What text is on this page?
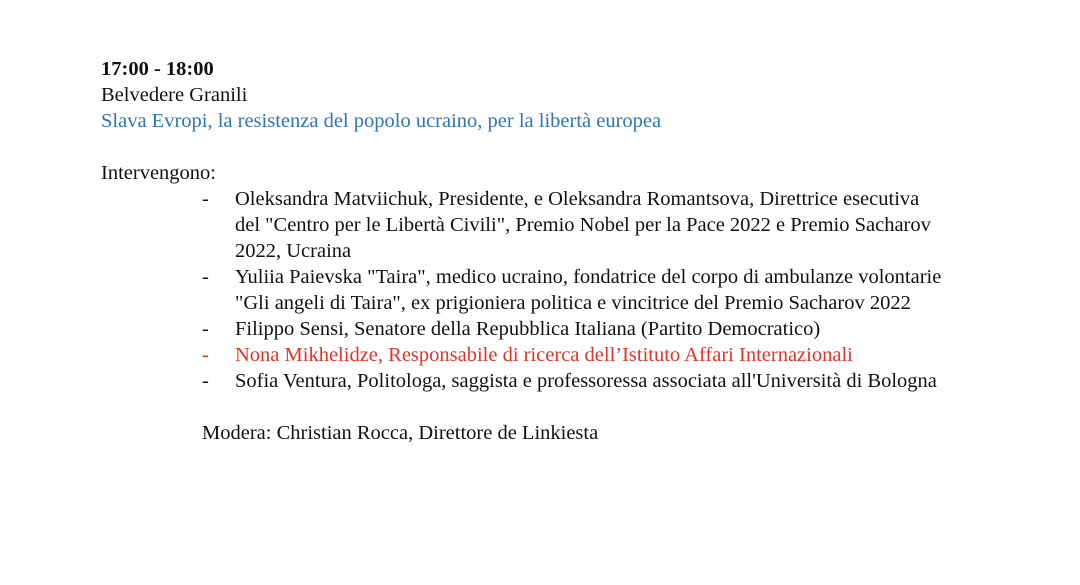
17:00 - 18:00
Belvedere Granili
Slava Evropi, la resistenza del popolo ucraino, per la libertà europea
Intervengono:
- Oleksandra Matviichuk, Presidente, e Oleksandra Romantsova, Direttrice esecutiva del "Centro per le Libertà Civili", Premio Nobel per la Pace 2022 e Premio Sacharov 2022, Ucraina
- Yuliia Paievska "Taira", medico ucraino, fondatrice del corpo di ambulanze volontarie "Gli angeli di Taira", ex prigioniera politica e vincitrice del Premio Sacharov 2022
- Filippo Sensi, Senatore della Repubblica Italiana (Partito Democratico)
- Nona Mikhelidze, Responsabile di ricerca dell’Istituto Affari Internazionali
- Sofia Ventura, Politologa, saggista e professoressa associata all'Università di Bologna
Modera: Christian Rocca, Direttore de Linkiesta
